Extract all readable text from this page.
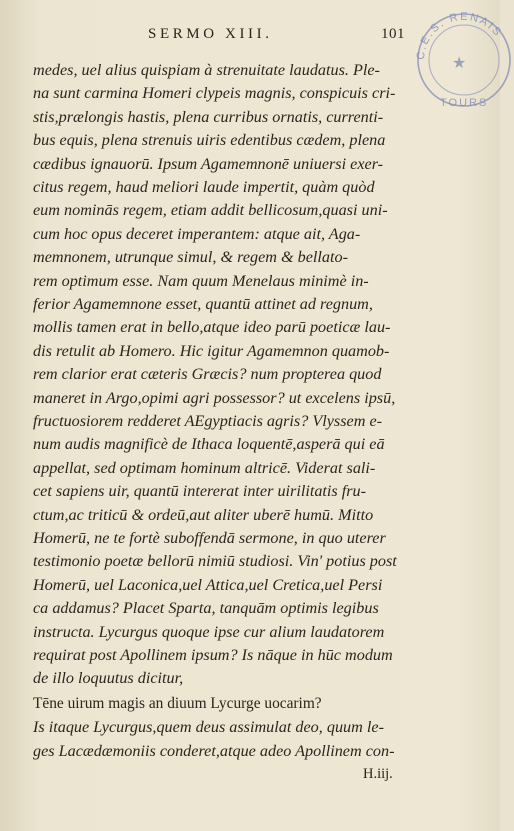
SERMO XIII.	101
C.E.S. RENAIS
TOURS
★
medes, uel alius quispiam à strenuitate laudatus. Ple-
na sunt carmina Homeri clypeis magnis, conspicuis cri-
stis,prælongis hastis, plena curribus ornatis, currenti-
bus equis, plena strenuis uiris edentibus cædem, plena
cædibus ignauorū. Ipsum Agamemnonē uniuersi exer-
citus regem, haud meliori laude impertit, quàm quòd
eum nominās regem, etiam addit bellicosum,quasi uni-
cum hoc opus deceret imperantem: atque ait, Aga-
memnonem, utrunque simul, & regem & bellato-
rem optimum esse. Nam quum Menelaus minimè in-
ferior Agamemnone esset, quantū attinet ad regnum,
mollis tamen erat in bello,atque ideo parū poeticæ lau-
dis retulit ab Homero. Hic igitur Agamemnon quamob-
rem clarior erat cæteris Græcis? num propterea quod
maneret in Argo,opimi agri possessor? ut excelens ipsū,
fructuosiorem redderet AEgyptiacis agris? Vlyssem e-
num audis magnificè de Ithaca loquentē,asperā qui eā
appellat, sed optimam hominum altricē. Viderat sali-
cet sapiens uir, quantū intererat inter uirilitatis fru-
ctum,ac triticū & ordeū,aut aliter uberē humū. Mitto
Homerū, ne te fortè suboffendā sermone, in quo uterer
testimonio poetæ bellorū nimiū studiosi. Vin' potius post
Homerū, uel Laconica,uel Attica,uel Cretica,uel Persi
ca addamus? Placet Sparta, tanquām optimis legibus
instructa. Lycurgus quoque ipse cur alium laudatorem
requirat post Apollinem ipsum? Is nāque in hūc modum
de illo loquutus dicitur,
Tēne uirum magis an diuum Lycurge uocarim?
Is itaque Lycurgus,quem deus assimulat deo, quum le-
ges Lacædæmoniis conderet,atque adeo Apollinem con-
H.iij.
